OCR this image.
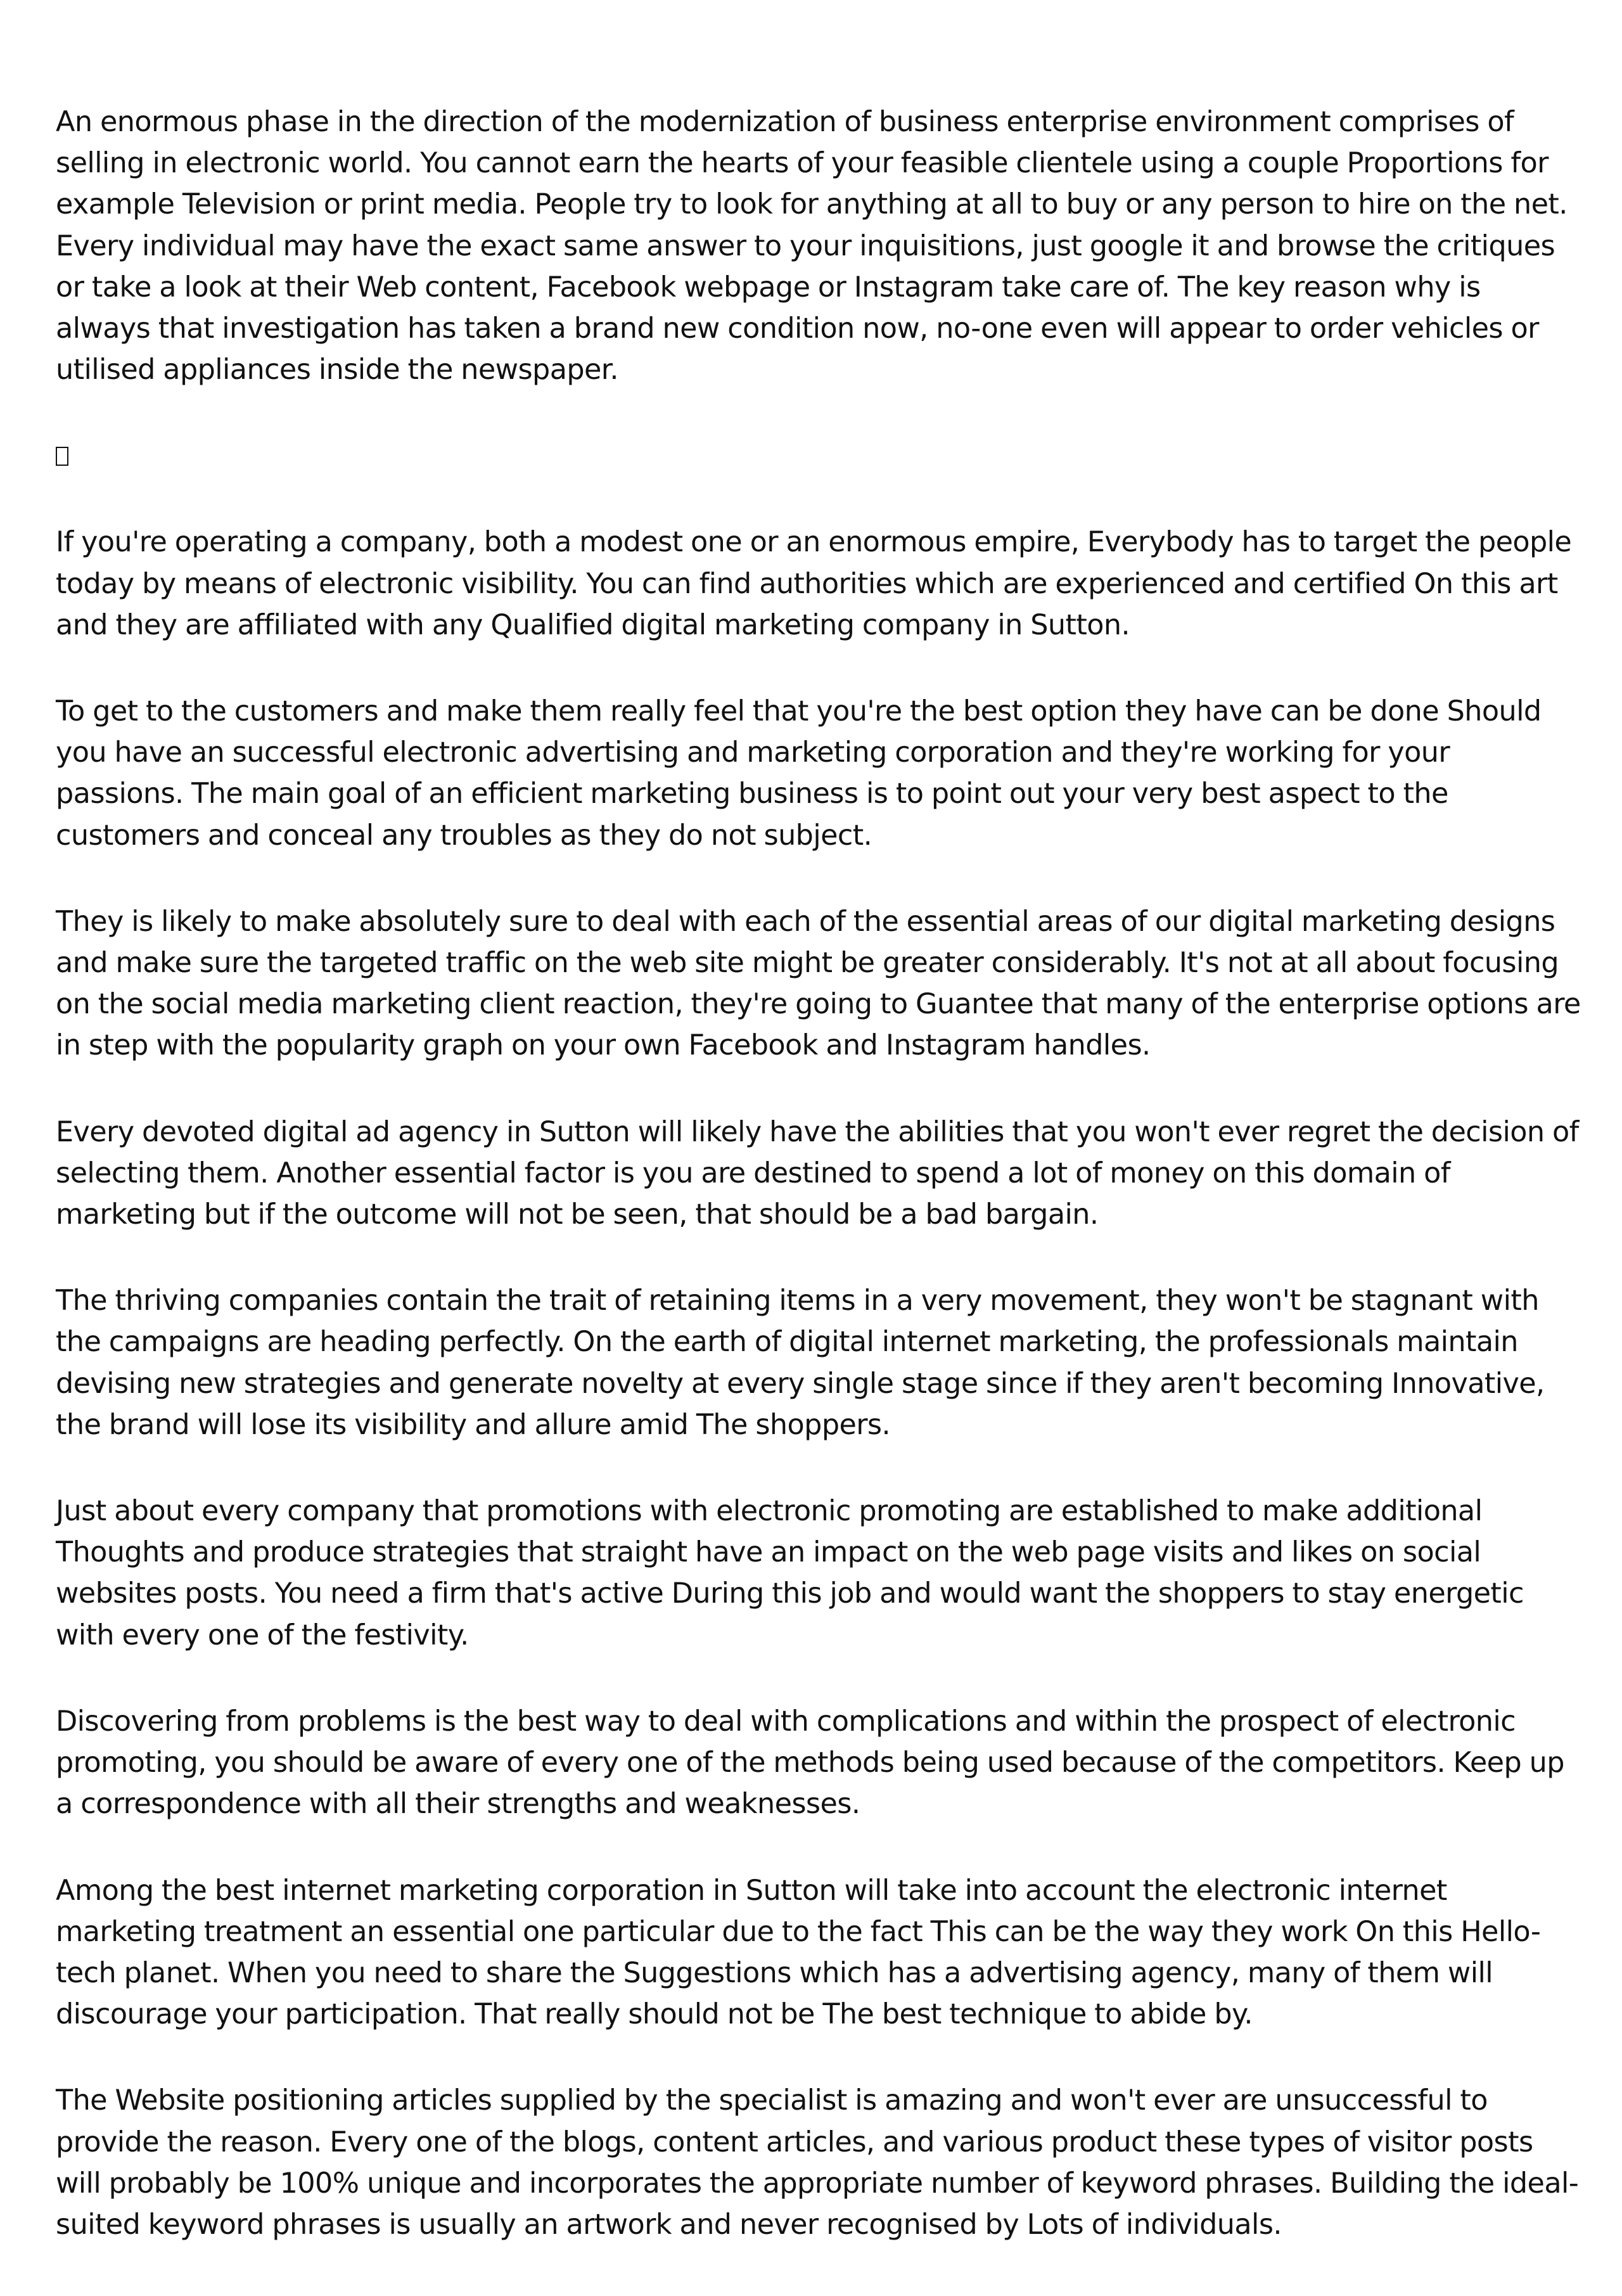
An enormous phase in the direction of the modernization of business enterprise environment comprises of selling in electronic world. You cannot earn the hearts of your feasible clientele using a couple Proportions for example Television or print media. People try to look for anything at all to buy or any person to hire on the net. Every individual may have the exact same answer to your inquisitions, just google it and browse the critiques or take a look at their Web content, Facebook webpage or Instagram take care of. The key reason why is always that investigation has taken a brand new condition now, no-one even will appear to order vehicles or utilised appliances inside the newspaper.

If you're operating a company, both a modest one or an enormous empire, Everybody has to target the people today by means of electronic visibility. You can find authorities which are experienced and certified On this art and they are affiliated with any Qualified digital marketing company in Sutton.

To get to the customers and make them really feel that you're the best option they have can be done Should you have an successful electronic advertising and marketing corporation and they're working for your passions. The main goal of an efficient marketing business is to point out your very best aspect to the customers and conceal any troubles as they do not subject.

They is likely to make absolutely sure to deal with each of the essential areas of our digital marketing designs and make sure the targeted traffic on the web site might be greater considerably. It's not at all about focusing on the social media marketing client reaction, they're going to Guantee that many of the enterprise options are in step with the popularity graph on your own Facebook and Instagram handles.

Every devoted digital ad agency in Sutton will likely have the abilities that you won't ever regret the decision of selecting them. Another essential factor is you are destined to spend a lot of money on this domain of marketing but if the outcome will not be seen, that should be a bad bargain.

The thriving companies contain the trait of retaining items in a very movement, they won't be stagnant with the campaigns are heading perfectly. On the earth of digital internet marketing, the professionals maintain devising new strategies and generate novelty at every single stage since if they aren't becoming Innovative, the brand will lose its visibility and allure amid The shoppers.

Just about every company that promotions with electronic promoting are established to make additional Thoughts and produce strategies that straight have an impact on the web page visits and likes on social websites posts. You need a firm that's active During this job and would want the shoppers to stay energetic with every one of the festivity.

Discovering from problems is the best way to deal with complications and within the prospect of electronic promoting, you should be aware of every one of the methods being used because of the competitors. Keep up a correspondence with all their strengths and weaknesses.

Among the best internet marketing corporation in Sutton will take into account the electronic internet marketing treatment an essential one particular due to the fact This can be the way they work On this Hello-tech planet. When you need to share the Suggestions which has a advertising agency, many of them will discourage your participation. That really should not be The best technique to abide by.

The Website positioning articles supplied by the specialist is amazing and won't ever are unsuccessful to provide the reason. Every one of the blogs, content articles, and various product these types of visitor posts will probably be 100% unique and incorporates the appropriate number of keyword phrases. Building the ideal-suited keyword phrases is usually an artwork and never recognised by Lots of individuals.
